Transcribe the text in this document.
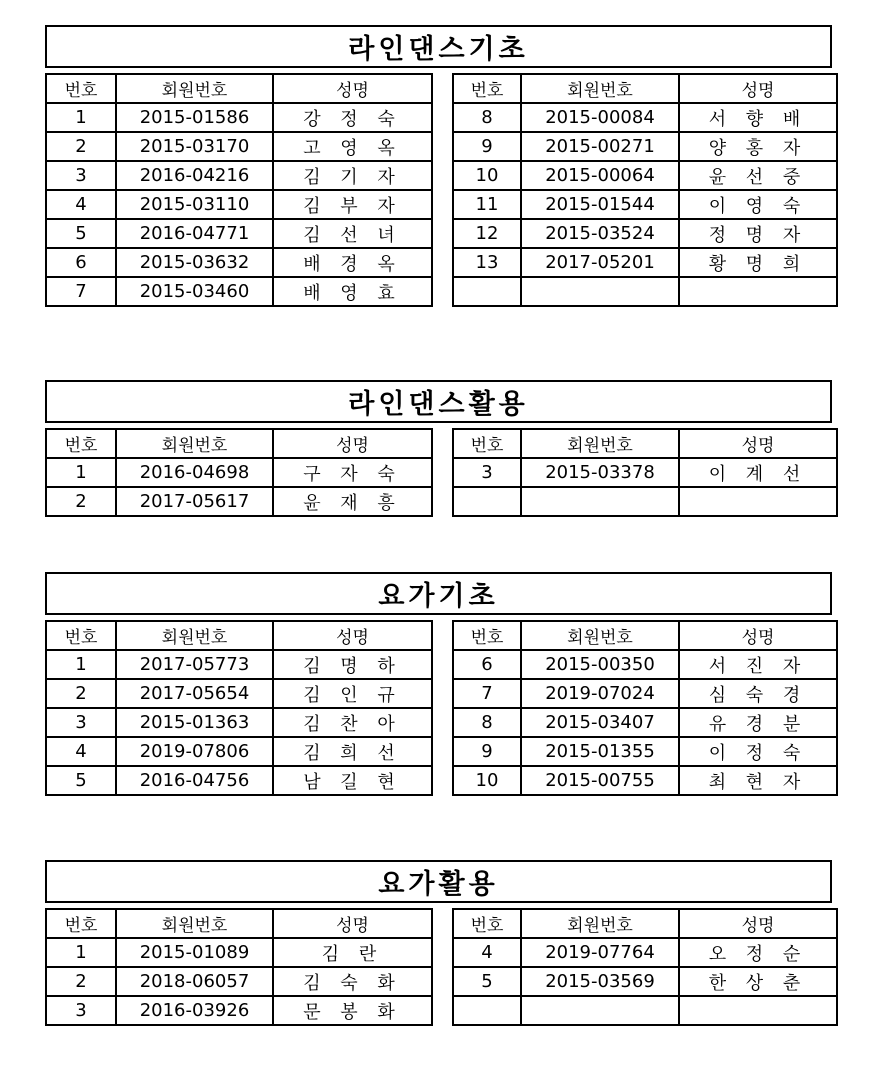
라인댄스기초
번호	회원번호	성명
1	2015-01586	강 정 숙
2	2015-03170	고 영 옥
3	2016-04216	김 기 자
4	2015-03110	김 부 자
5	2016-04771	김 선 녀
6	2015-03632	배 경 옥
7	2015-03460	배 영 효
번호	회원번호	성명
8	2015-00084	서 향 배
9	2015-00271	양 홍 자
10	2015-00064	윤 선 중
11	2015-01544	이 영 숙
12	2015-03524	정 명 자
13	2017-05201	황 명 희

라인댄스활용
번호	회원번호	성명
1	2016-04698	구 자 숙
2	2017-05617	윤 재 흥
번호	회원번호	성명
3	2015-03378	이 계 선

요가기초
번호	회원번호	성명
1	2017-05773	김 명 하
2	2017-05654	김 인 규
3	2015-01363	김 찬 아
4	2019-07806	김 희 선
5	2016-04756	남 길 현
번호	회원번호	성명
6	2015-00350	서 진 자
7	2019-07024	심 숙 경
8	2015-03407	유 경 분
9	2015-01355	이 정 숙
10	2015-00755	최 현 자
요가활용
번호	회원번호	성명
1	2015-01089	김 란
2	2018-06057	김 숙 화
3	2016-03926	문 봉 화
번호	회원번호	성명
4	2019-07764	오 정 순
5	2015-03569	한 상 춘
